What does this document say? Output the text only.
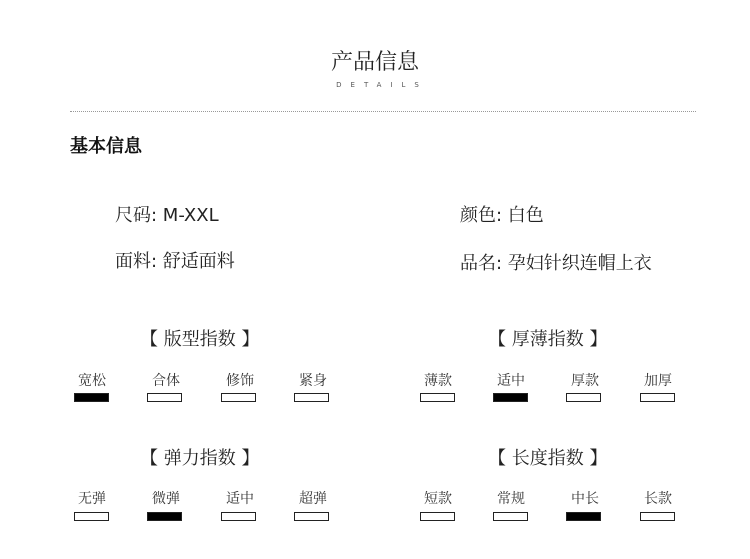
产品信息
DETAILS
基本信息
尺码: M-XXL
面料: 舒适面料
颜色: 白色
品名: 孕妇针织连帽上衣
【 版型指数 】
宽松	合体	修饰	紧身
【 厚薄指数 】
薄款	适中	厚款	加厚
【 弹力指数 】
无弹	微弹	适中	超弹
【 长度指数 】
短款	常规	中长	长款
